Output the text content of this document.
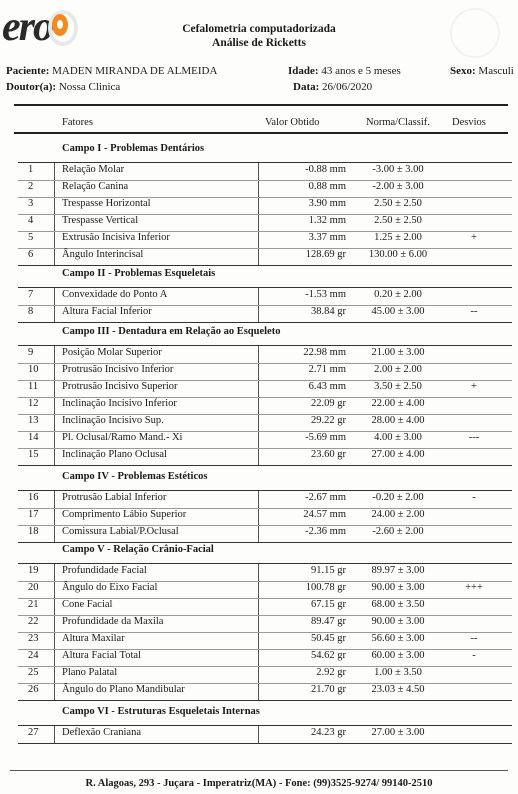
ero	Cefalometria computadorizada
Análise de Ricketts
Paciente: MADEN MIRANDA DE ALMEIDA	Idade: 43 anos e 5 meses	Sexo: Masculi
Doutor(a): Nossa Clinica	Data: 26/06/2020
Fatores	Valor Obtido	Norma/Classif. Desvios
Campo I - Problemas Dentários
1	Relação Molar	-0.88 mm	-3.00 ± 3.00
2	Relação Canina	0.88 mm	-2.00 ± 3.00
3	Trespasse Horizontal	3.90 mm	2.50 ± 2.50
4	Trespasse Vertical	1.32 mm	2.50 ± 2.50
5	Extrusão Incisiva Inferior	3.37 mm	1.25 ± 2.00	+
6	Ângulo Interincisal	128.69 gr	130.00 ± 6.00
Campo II - Problemas Esqueletais
7	Convexidade do Ponto A	-1.53 mm	0.20 ± 2.00
8	Altura Facial Inferior	38.84 gr	45.00 ± 3.00	--
Campo III - Dentadura em Relação ao Esqueleto
9	Posição Molar Superior	22.98 mm	21.00 ± 3.00
10	Protrusão Incisivo Inferior	2.71 mm	2.00 ± 2.00
11	Protrusão Incisivo Superior	6.43 mm	3.50 ± 2.50	+
12	Inclinação Incisivo Inferior	22.09 gr	22.00 ± 4.00
13	Inclinação Incisivo Sup.	29.22 gr	28.00 ± 4.00
14	Pl. Oclusal/Ramo Mand.- Xi	-5.69 mm	4.00 ± 3.00	---
15	Inclinação Plano Oclusal	23.60 gr	27.00 ± 4.00
Campo IV - Problemas Estéticos
16	Protrusão Labial Inferior	-2.67 mm	-0.20 ± 2.00	-
17	Comprimento Lábio Superior	24.57 mm	24.00 ± 2.00
18	Comissura Labial/P.Oclusal	-2.36 mm	-2.60 ± 2.00
Campo V - Relação Crânio-Facial
19	Profundidade Facial	91.15 gr	89.97 ± 3.00
20	Ângulo do Eixo Facial	100.78 gr	90.00 ± 3.00	+++
21	Cone Facial	67.15 gr	68.00 ± 3.50
22	Profundidade da Maxila	89.47 gr	90.00 ± 3.00
23	Altura Maxilar	50.45 gr	56.60 ± 3.00	--
24	Altura Facial Total	54.62 gr	60.00 ± 3.00	-
25	Plano Palatal	2.92 gr	1.00 ± 3.50
26	Ângulo do Plano Mandibular	21.70 gr	23.03 ± 4.50
Campo VI - Estruturas Esqueletais Internas
27	Deflexão Craniana	24.23 gr	27.00 ± 3.00
R. Alagoas, 293 - Juçara - Imperatriz(MA) - Fone: (99)3525-9274/ 99140-2510
